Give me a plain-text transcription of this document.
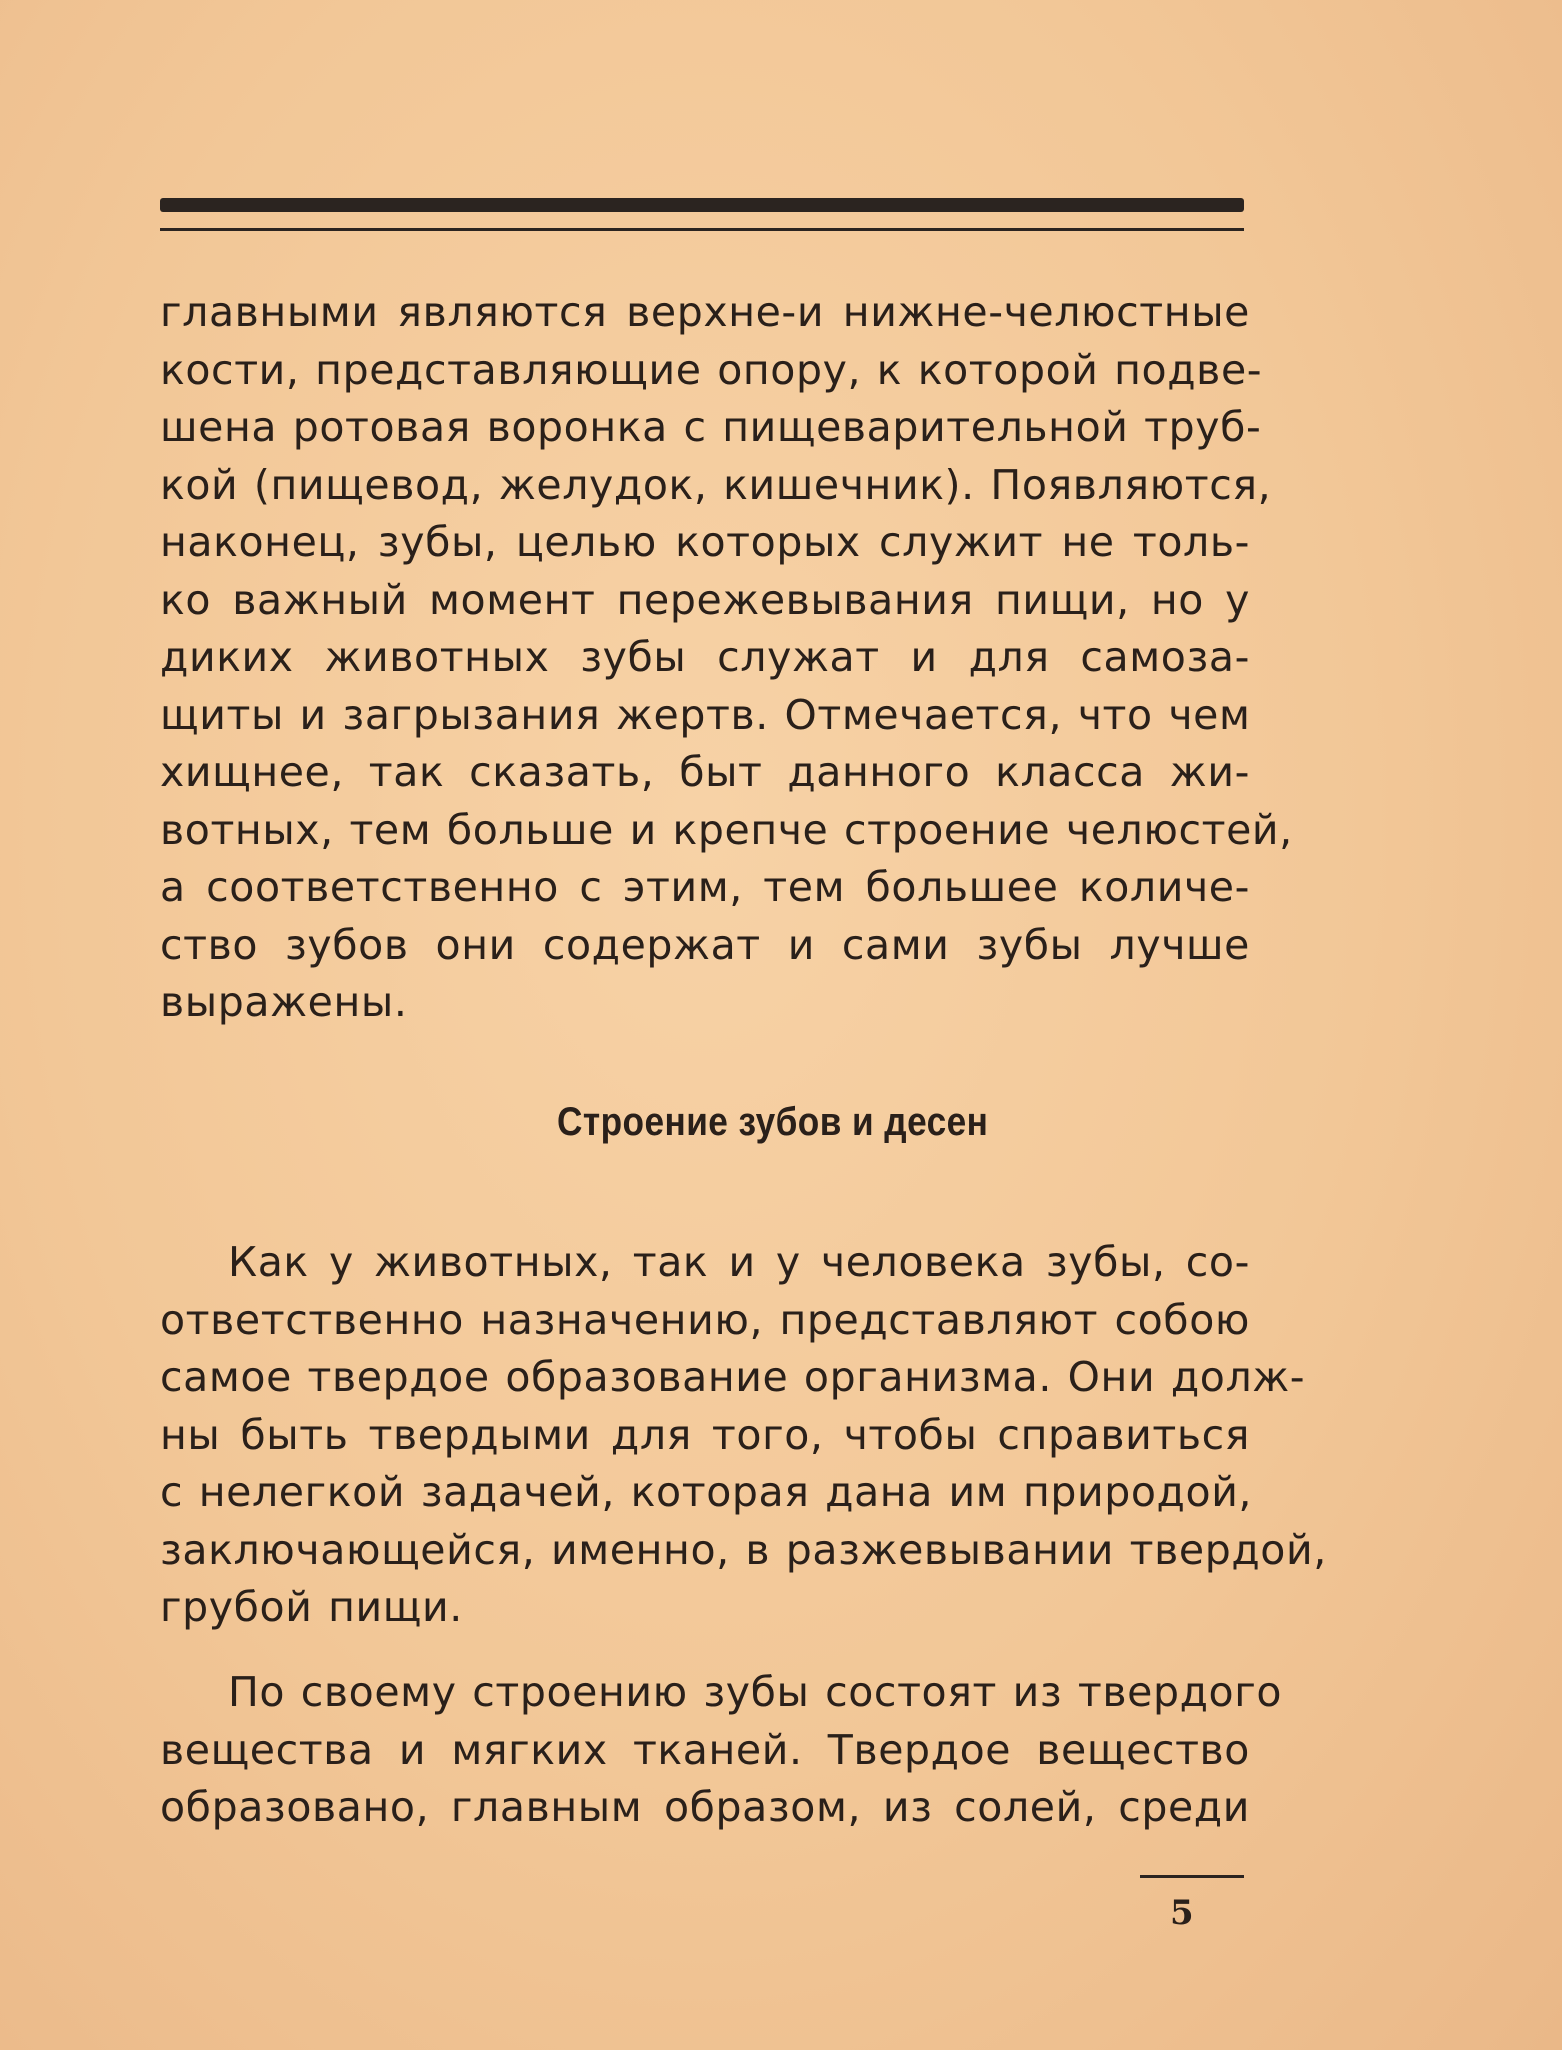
главными являются верхне-и нижне-челюстные
кости, представляющие опору, к которой подве-
шена ротовая воронка с пищеварительной труб-
кой (пищевод, желудок, кишечник). Появляются,
наконец, зубы, целью которых служит не толь-
ко важный момент пережевывания пищи, но у
диких животных зубы служат и для самоза-
щиты и загрызания жертв. Отмечается, что чем
хищнее, так сказать, быт данного класса жи-
вотных, тем больше и крепче строение челюстей,
а соответственно с этим, тем большее количе-
ство зубов они содержат и сами зубы лучше
выражены.
Строение зубов и десен
Как у животных, так и у человека зубы, со-
ответственно назначению, представляют собою
самое твердое образование организма. Они долж-
ны быть твердыми для того, чтобы справиться
с нелегкой задачей, которая дана им природой,
заключающейся, именно, в разжевывании твердой,
грубой пищи.
По своему строению зубы состоят из твердого
вещества и мягких тканей. Твердое вещество
образовано, главным образом, из солей, среди
5
